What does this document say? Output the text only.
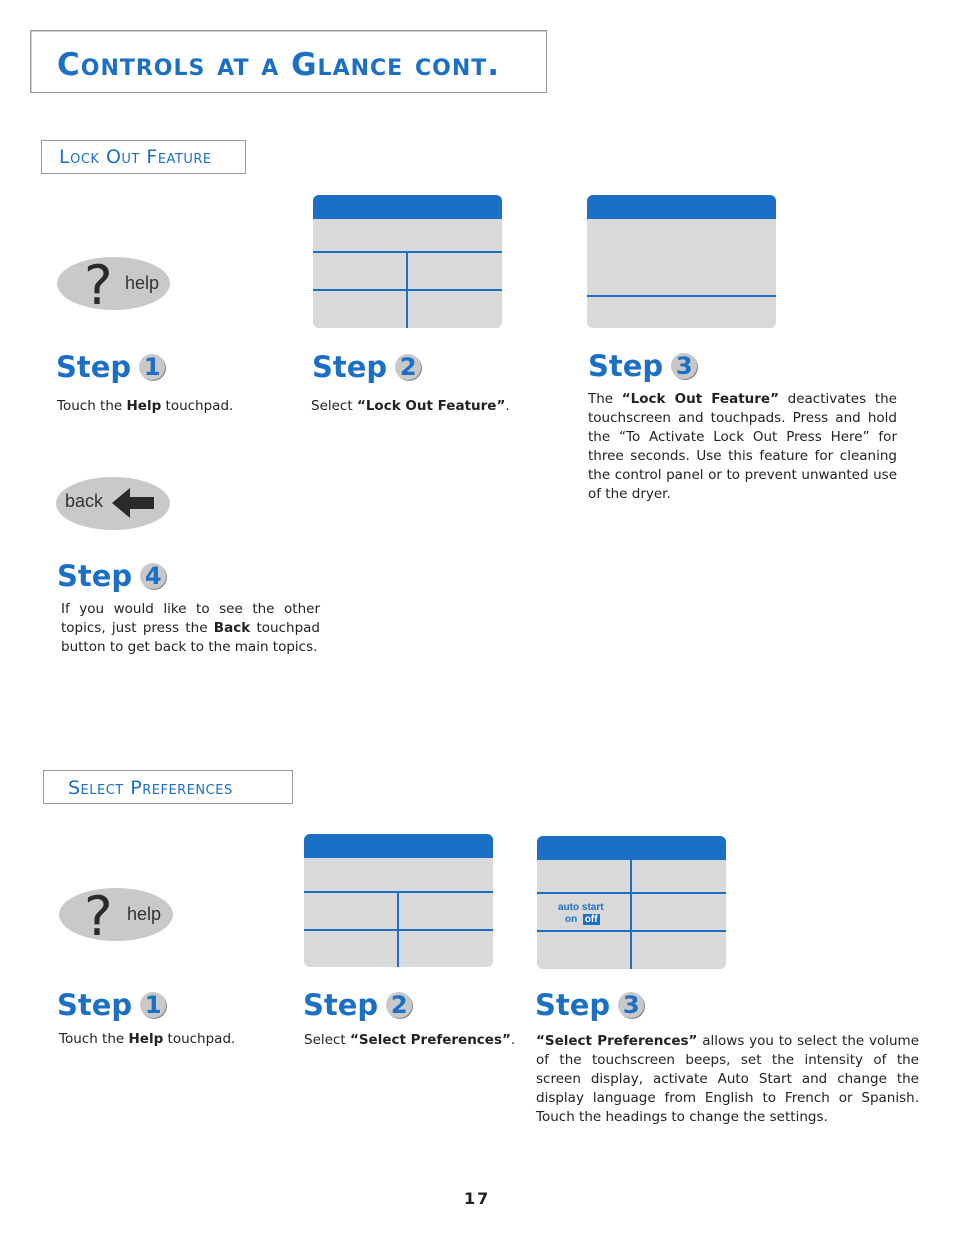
Controls at a Glance cont.
Lock Out Feature
? help
Step 1
Touch the Help touchpad.
Step 2
Select “Lock Out Feature”.
Step 3
The “Lock Out Feature” deactivates the touchscreen and touchpads. Press and hold the “To Activate Lock Out Press Here” for three seconds. Use this feature for cleaning the control panel or to prevent unwanted use of the dryer.
back
Step 4
If you would like to see the other topics, just press the Back touchpad button to get back to the main topics.
Select Preferences
? help	auto start
on off
Step 1
Touch the Help touchpad.
Step 2
Select “Select Preferences”.
Step 3
“Select Preferences” allows you to select the volume of the touchscreen beeps, set the intensity of the screen display, activate Auto Start and change the display language from English to French or Spanish. Touch the headings to change the settings.
17
